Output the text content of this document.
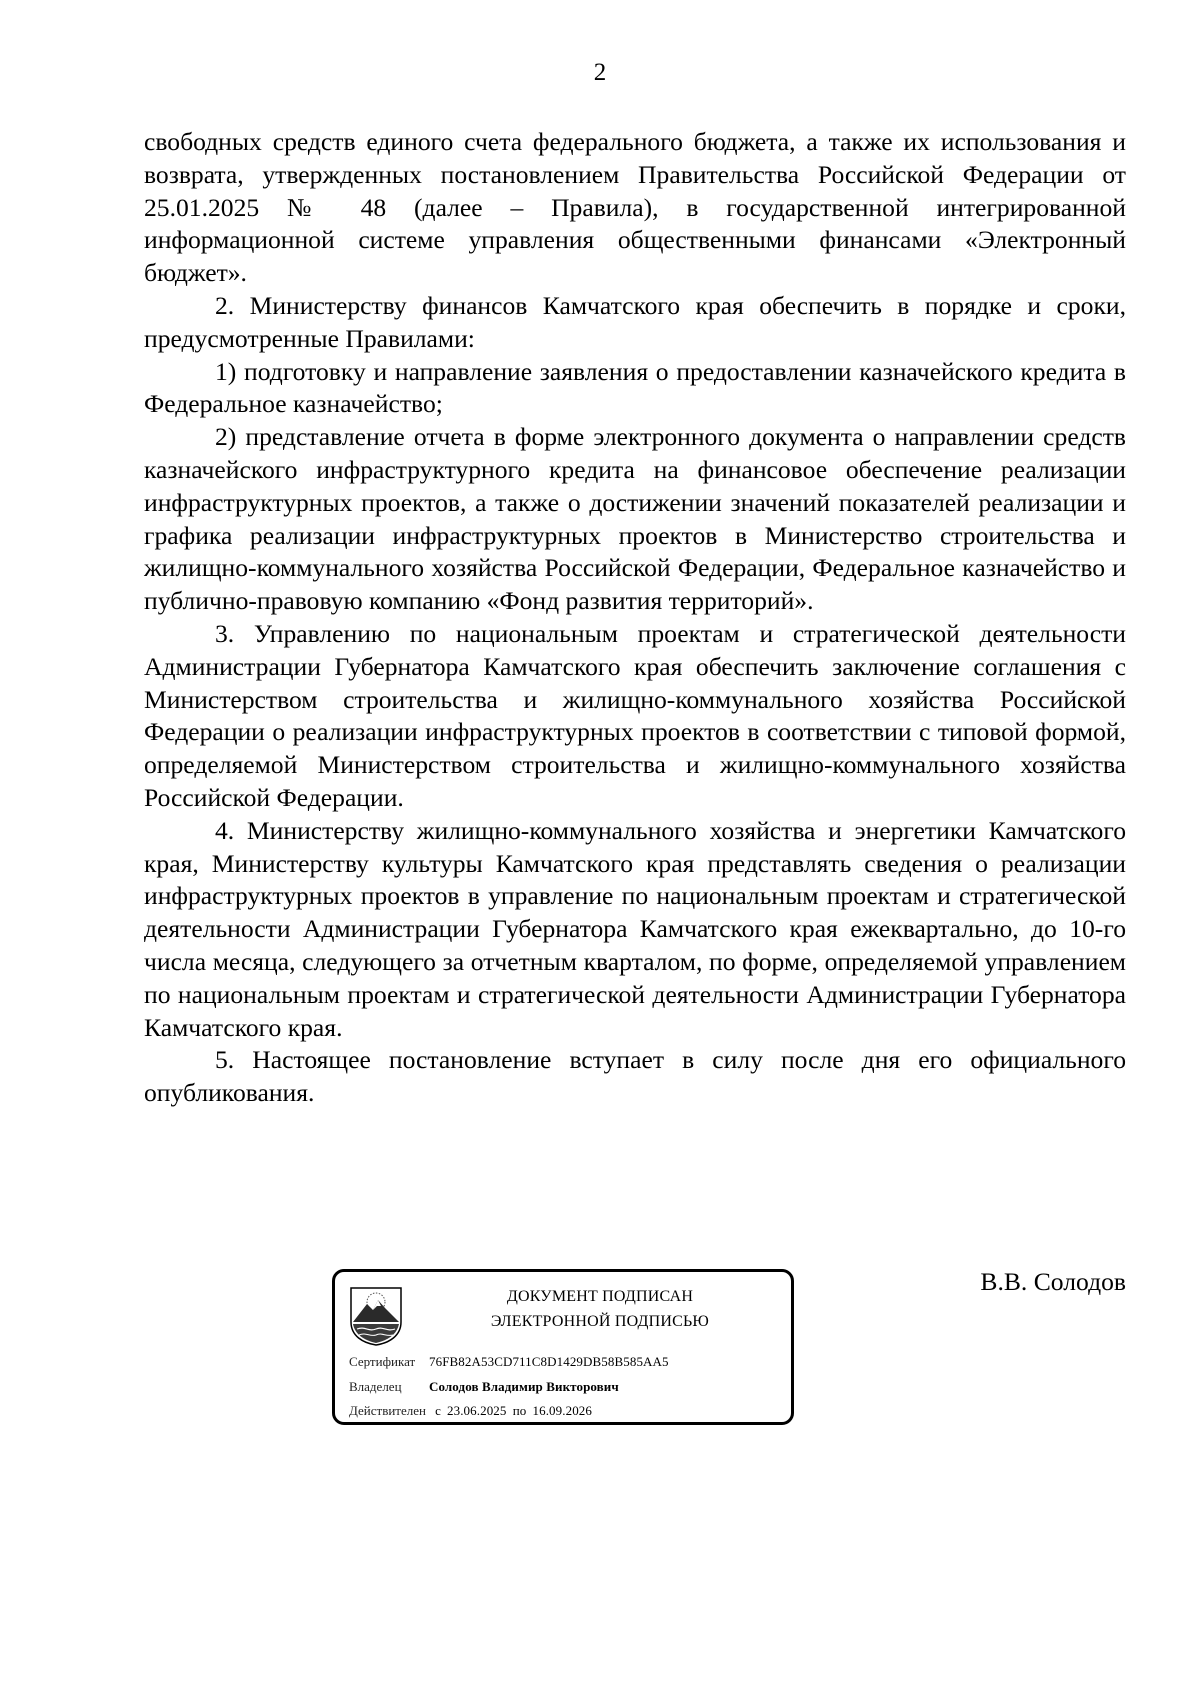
2

свободных средств единого счета федерального бюджета, а также их использования и возврата, утвержденных постановлением Правительства Российской Федерации от 25.01.2025 № 48 (далее – Правила), в государственной интегрированной информационной системе управления общественными финансами «Электронный бюджет».

2. Министерству финансов Камчатского края обеспечить в порядке и сроки, предусмотренные Правилами:

1) подготовку и направление заявления о предоставлении казначейского кредита в Федеральное казначейство;

2) представление отчета в форме электронного документа о направлении средств казначейского инфраструктурного кредита на финансовое обеспечение реализации инфраструктурных проектов, а также о достижении значений показателей реализации и графика реализации инфраструктурных проектов в Министерство строительства и жилищно-коммунального хозяйства Российской Федерации, Федеральное казначейство и публично-правовую компанию «Фонд развития территорий».

3. Управлению по национальным проектам и стратегической деятельности Администрации Губернатора Камчатского края обеспечить заключение соглашения с Министерством строительства и жилищно-коммунального хозяйства Российской Федерации о реализации инфраструктурных проектов в соответствии с типовой формой, определяемой Министерством строительства и жилищно-коммунального хозяйства Российской Федерации.

4. Министерству жилищно-коммунального хозяйства и энергетики Камчатского края, Министерству культуры Камчатского края представлять сведения о реализации инфраструктурных проектов в управление по национальным проектам и стратегической деятельности Администрации Губернатора Камчатского края ежеквартально, до 10-го числа месяца, следующего за отчетным кварталом, по форме, определяемой управлением по национальным проектам и стратегической деятельности Администрации Губернатора Камчатского края.

5. Настоящее постановление вступает в силу после дня его официального опубликования.

ДОКУМЕНТ ПОДПИСАН
ЭЛЕКТРОННОЙ ПОДПИСЬЮ
Сертификат 76FB82A53CD711C8D1429DB58B585AA5
Владелец Солодов Владимир Викторович
Действителен с 23.06.2025 по 16.09.2026
В.В. Солодов
